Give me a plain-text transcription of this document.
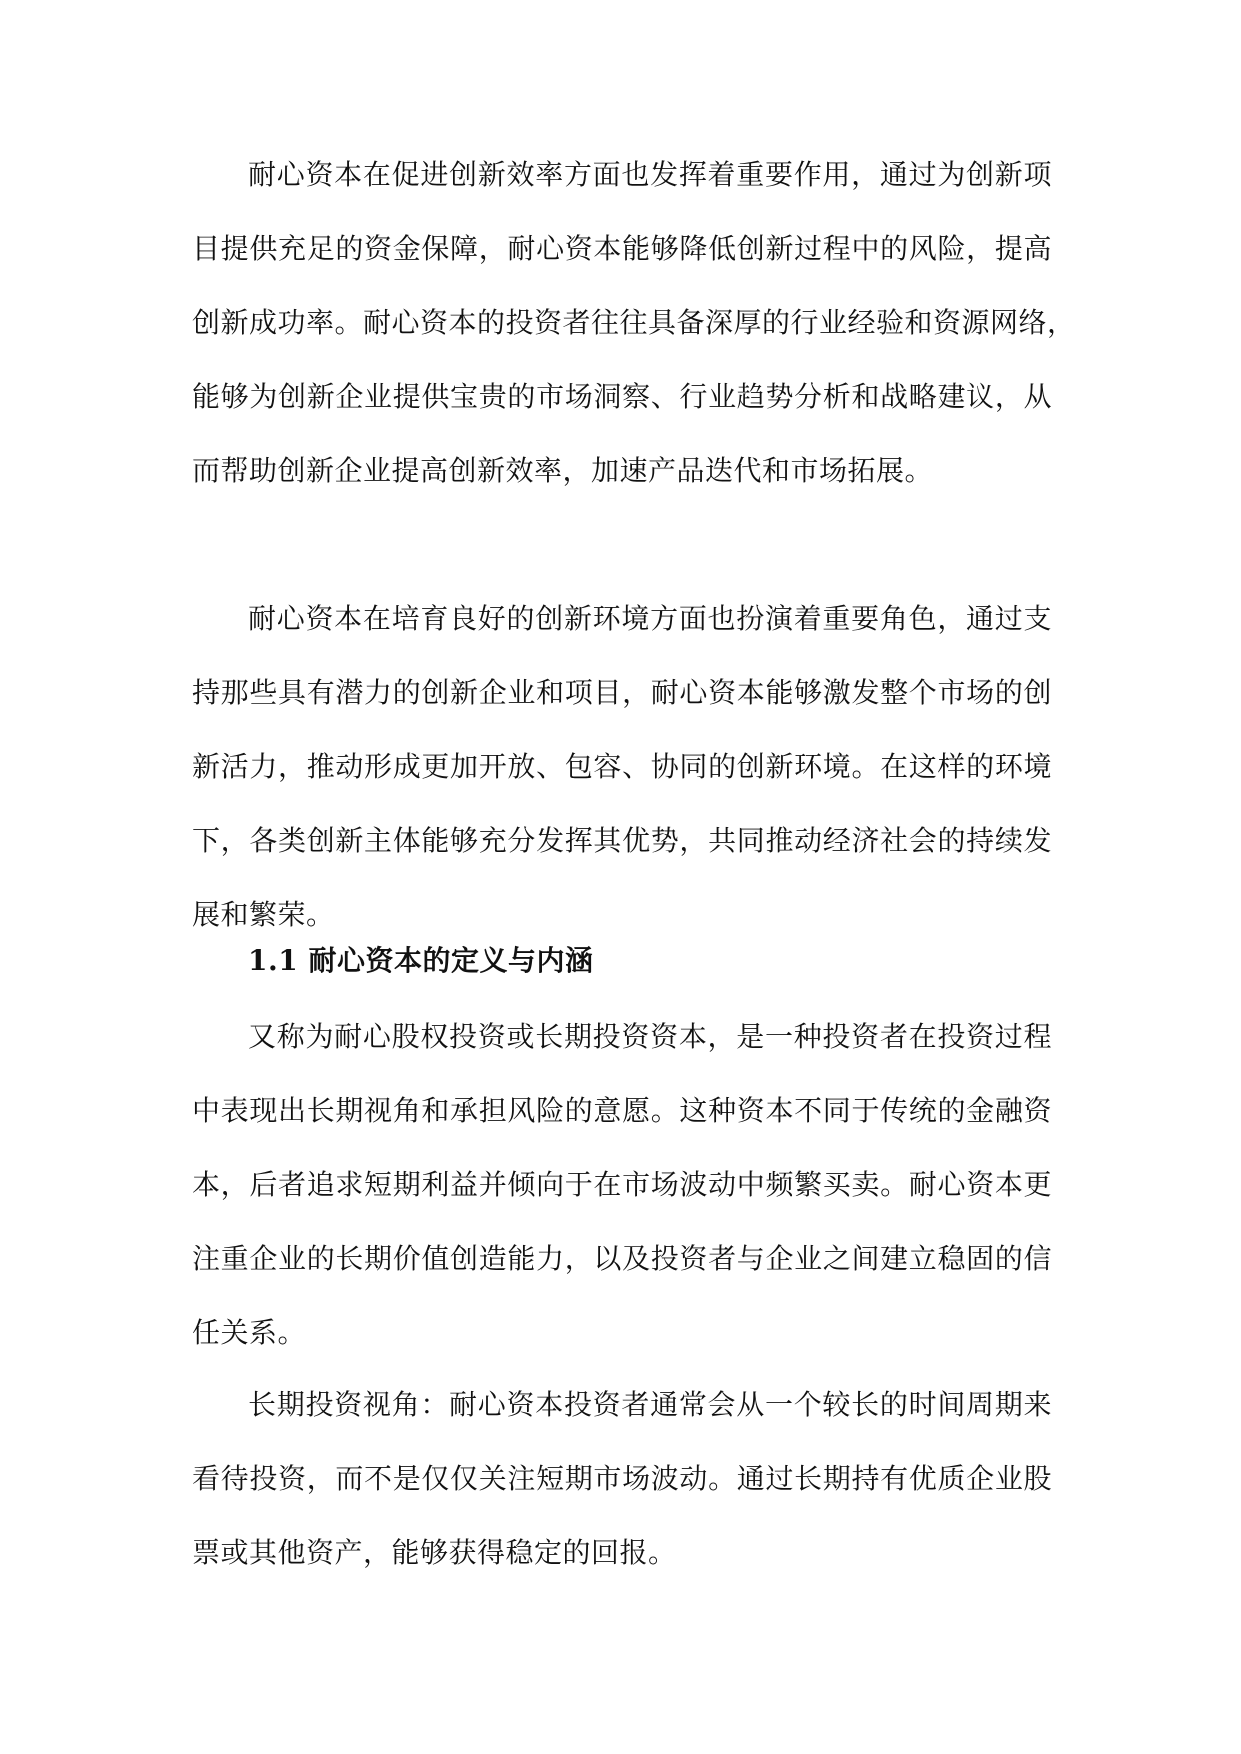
耐心资本在促进创新效率方面也发挥着重要作用，通过为创新项
目提供充足的资金保障，耐心资本能够降低创新过程中的风险，提高
创新成功率。耐心资本的投资者往往具备深厚的行业经验和资源网络，
能够为创新企业提供宝贵的市场洞察、行业趋势分析和战略建议，从
而帮助创新企业提高创新效率，加速产品迭代和市场拓展。
耐心资本在培育良好的创新环境方面也扮演着重要角色，通过支
持那些具有潜力的创新企业和项目，耐心资本能够激发整个市场的创
新活力，推动形成更加开放、包容、协同的创新环境。在这样的环境
下，各类创新主体能够充分发挥其优势，共同推动经济社会的持续发
展和繁荣。
1.1 耐心资本的定义与内涵
又称为耐心股权投资或长期投资资本，是一种投资者在投资过程
中表现出长期视角和承担风险的意愿。这种资本不同于传统的金融资
本，后者追求短期利益并倾向于在市场波动中频繁买卖。耐心资本更
注重企业的长期价值创造能力，以及投资者与企业之间建立稳固的信
任关系。
长期投资视角：耐心资本投资者通常会从一个较长的时间周期来
看待投资，而不是仅仅关注短期市场波动。通过长期持有优质企业股
票或其他资产，能够获得稳定的回报。
